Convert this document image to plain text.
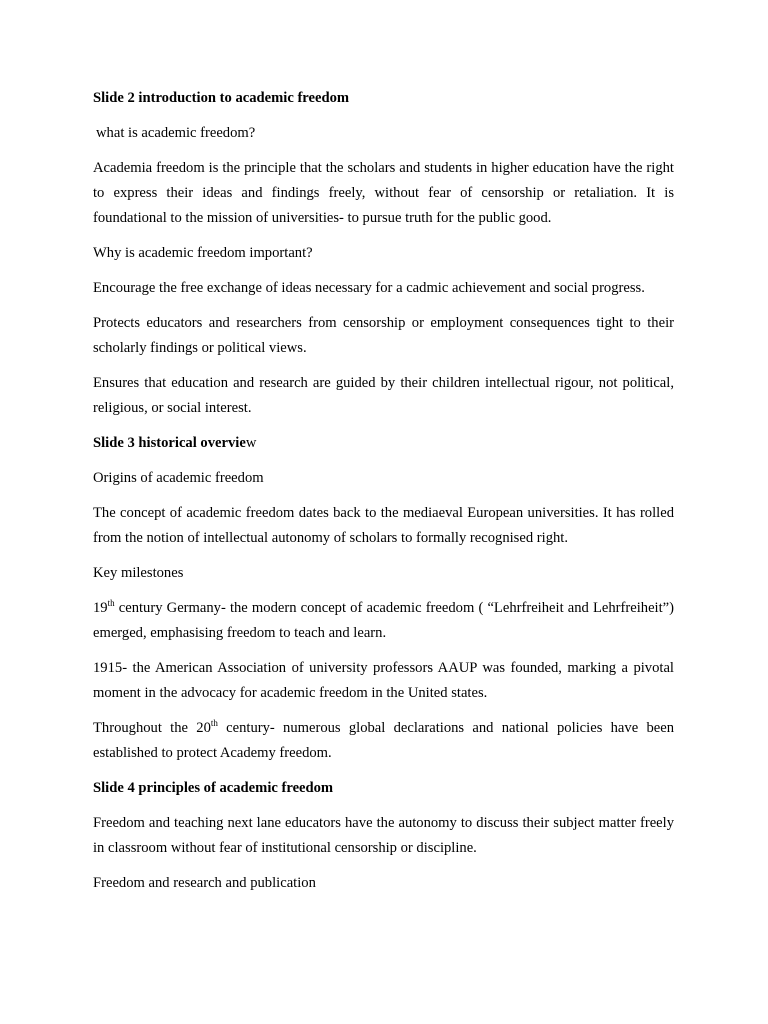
Slide 2 introduction to academic freedom

what is academic freedom?

Academia freedom is the principle that the scholars and students in higher education have the right to express their ideas and findings freely, without fear of censorship or retaliation. It is foundational to the mission of universities- to pursue truth for the public good.

Why is academic freedom important?

Encourage the free exchange of ideas necessary for a cadmic achievement and social progress.

Protects educators and researchers from censorship or employment consequences tight to their scholarly findings or political views.

Ensures that education and research are guided by their children intellectual rigour, not political, religious, or social interest.

Slide 3 historical overview

Origins of academic freedom

The concept of academic freedom dates back to the mediaeval European universities. It has rolled from the notion of intellectual autonomy of scholars to formally recognised right.

Key milestones

19th century Germany- the modern concept of academic freedom ( “Lehrfreiheit and Lehrfreiheit”) emerged, emphasising freedom to teach and learn.

1915- the American Association of university professors AAUP was founded, marking a pivotal moment in the advocacy for academic freedom in the United states.

Throughout the 20th century- numerous global declarations and national policies have been established to protect Academy freedom.

Slide 4 principles of academic freedom

Freedom and teaching next lane educators have the autonomy to discuss their subject matter freely in classroom without fear of institutional censorship or discipline.

Freedom and research and publication
